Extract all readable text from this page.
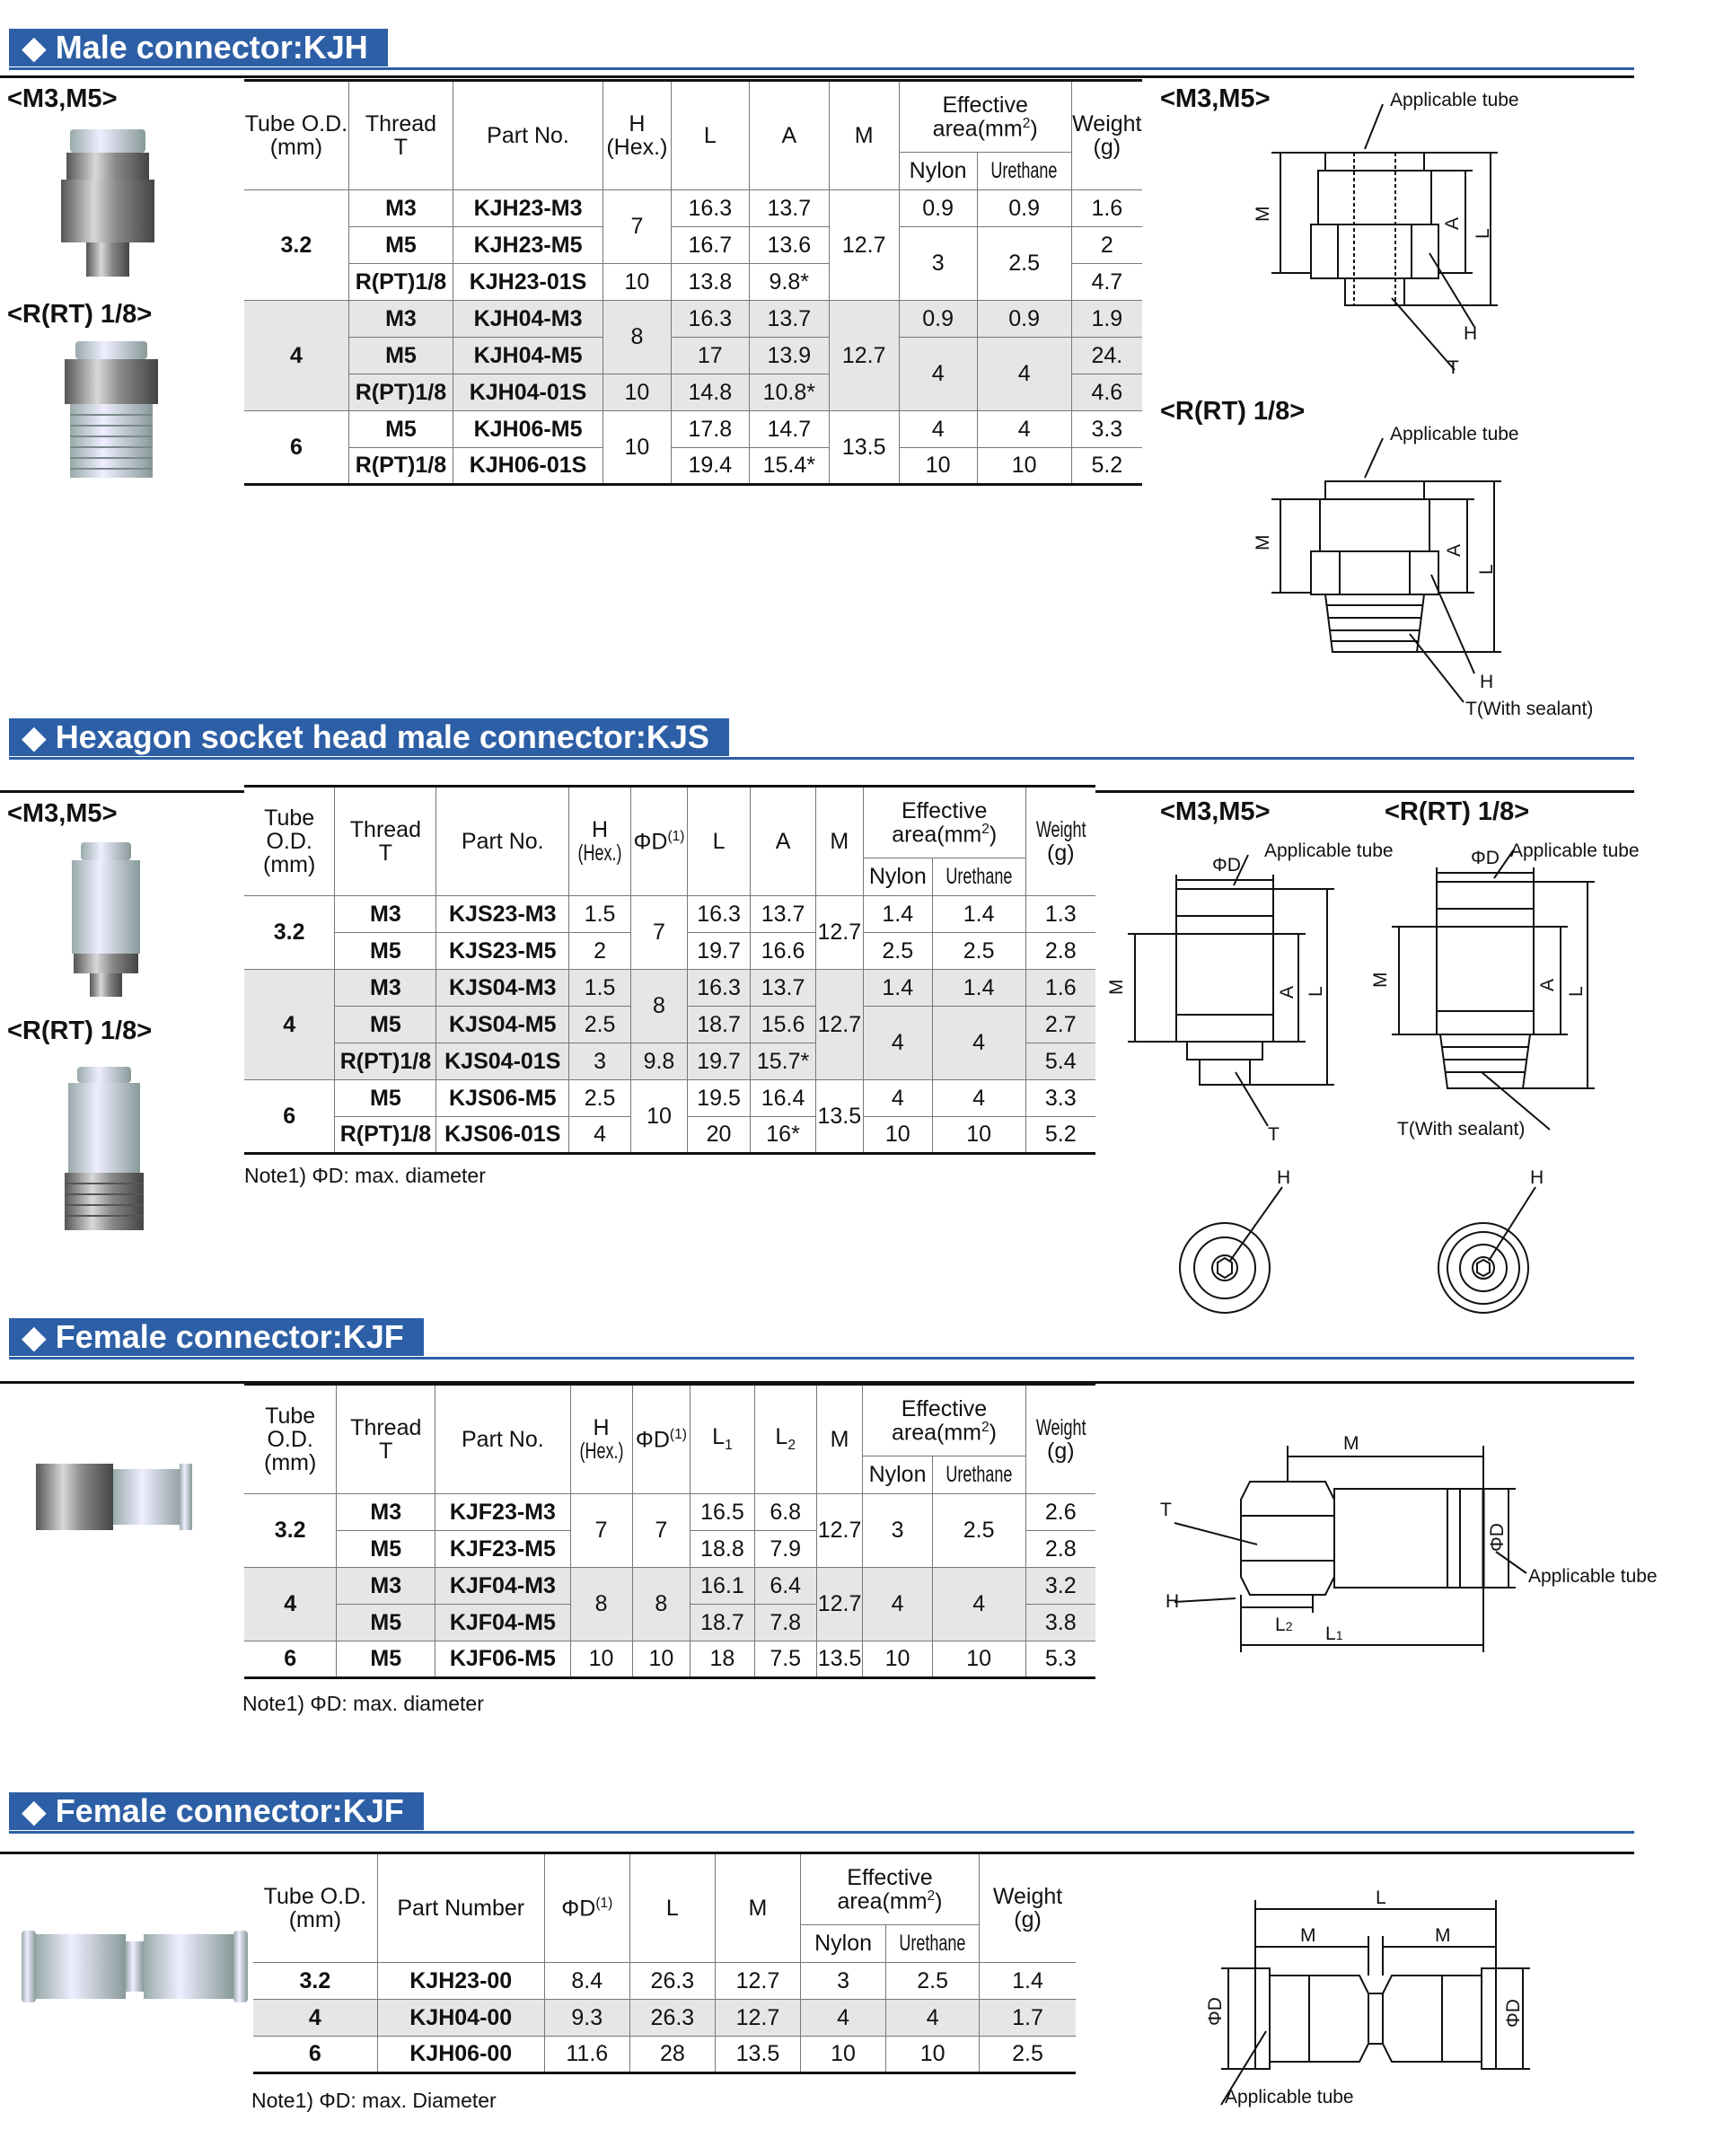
◆ Male connector:KJH
<M3,M5>
<R(RT) 1/8>
Tube O.D.
(mm)	Thread
T	Part No.	H
(Hex.)	L	A	M	Effective
$area(mm^2)$		Weight
(g)
							Nylon	Urethane	
3.2	M3	KJH23-M3	7	16.3	13.7	12.7	0.9	0.9	1.6
	M5	KJH23-M5		16.7	13.6		3	2.5	2
	R(PT)1/8	KJH23-01S	10	13.8	9.8*				4.7
4	M3	KJH04-M3	8	16.3	13.7	12.7	0.9	0.9	1.9
	M5	KJH04-M5		17	13.9		4	4	24.
	R(PT)1/8	KJH04-01S	10	14.8	10.8*				4.6
6	M5	KJH06-M5	10	17.8	14.7	13.5	4	4	3.3
	R(PT)1/8	KJH06-01S		19.4	15.4*		10	10	5.2
<M3,M5>	Applicable tube
M
A
L
H
T
<R(RT) 1/8>
Applicable tube
M	A
L
H
T(With sealant)
◆ Hexagon socket head male connector:KJS
<M3,M5>
<R(RT) 1/8>
Tube O.D.
(mm)	Thread
T	Part No.	H
(Hex.)	ΦD$^{(1)}$	L	A	M	Effective
$area(mm^2)$		Weight
(g)
								Nylon	Urethane	
3.2	M3	KJS23-M3	1.5	7	16.3	13.7	12.7	1.4	1.4	1.3
	M5	KJS23-M5	2		19.7	16.6		2.5	2.5	2.8
4	M3	KJS04-M3	1.5	8	16.3	13.7	12.7	1.4	1.4	1.6
	M5	KJS04-M5	2.5		18.7	15.6		4	4	2.7
	R(PT)1/8	KJS04-01S	3	9.8	19.7	15.7*				5.4
6	M5	KJS06-M5	2.5	10	19.5	16.4	13.5	4	4	3.3
	R(PT)1/8	KJS06-01S	4		20	16*		10	10	5.2
Note1) ΦD: max. diameter
<M3,M5>	<R(RT) 1/8>
Applicable tube	Applicable tube
ΦD	ΦD
M	M
A
A
L	L
T	T(With sealant)
H	H
◆ Female connector:KJF
Tube O.D.
(mm)	Thread
T	Part No.	H
(Hex.)	ΦD$^{(1)}$	$L_1$	$L_2$	M	Effective
$area(mm^2)$		Weight
(g)
								Nylon	Urethane	
3.2	M3	KJF23-M3	7	7	16.5	6.8	12.7	3	2.5	2.6
	M5	KJF23-M5			18.8	7.9				2.8
4	M3	KJF04-M3	8	8	16.1	6.4	12.7	4	4	3.2
	M5	KJF04-M5			18.7	7.8				3.8
6	M5	KJF06-M5	10	10	18	7.5	13.5	10	10	5.3
Note1) ΦD: max. diameter
T
H
M
ΦD
Applicable tube
L2 L1
◆ Female connector:KJF
Tube O.D.
(mm)	Part Number	ΦD$^{(1)}$	L	M	Effective
$area(mm^2)$		Weight
(g)
					Nylon	Urethane	
3.2	KJH23-00	8.4	26.3	12.7	3	2.5	1.4
4	KJH04-00	9.3	26.3	12.7	4	4	1.7
6	KJH06-00	11.6	28	13.5	10	10	2.5
Note1) ΦD: max. Diameter
L
M	M
ΦD	ΦD
Applicable tube
